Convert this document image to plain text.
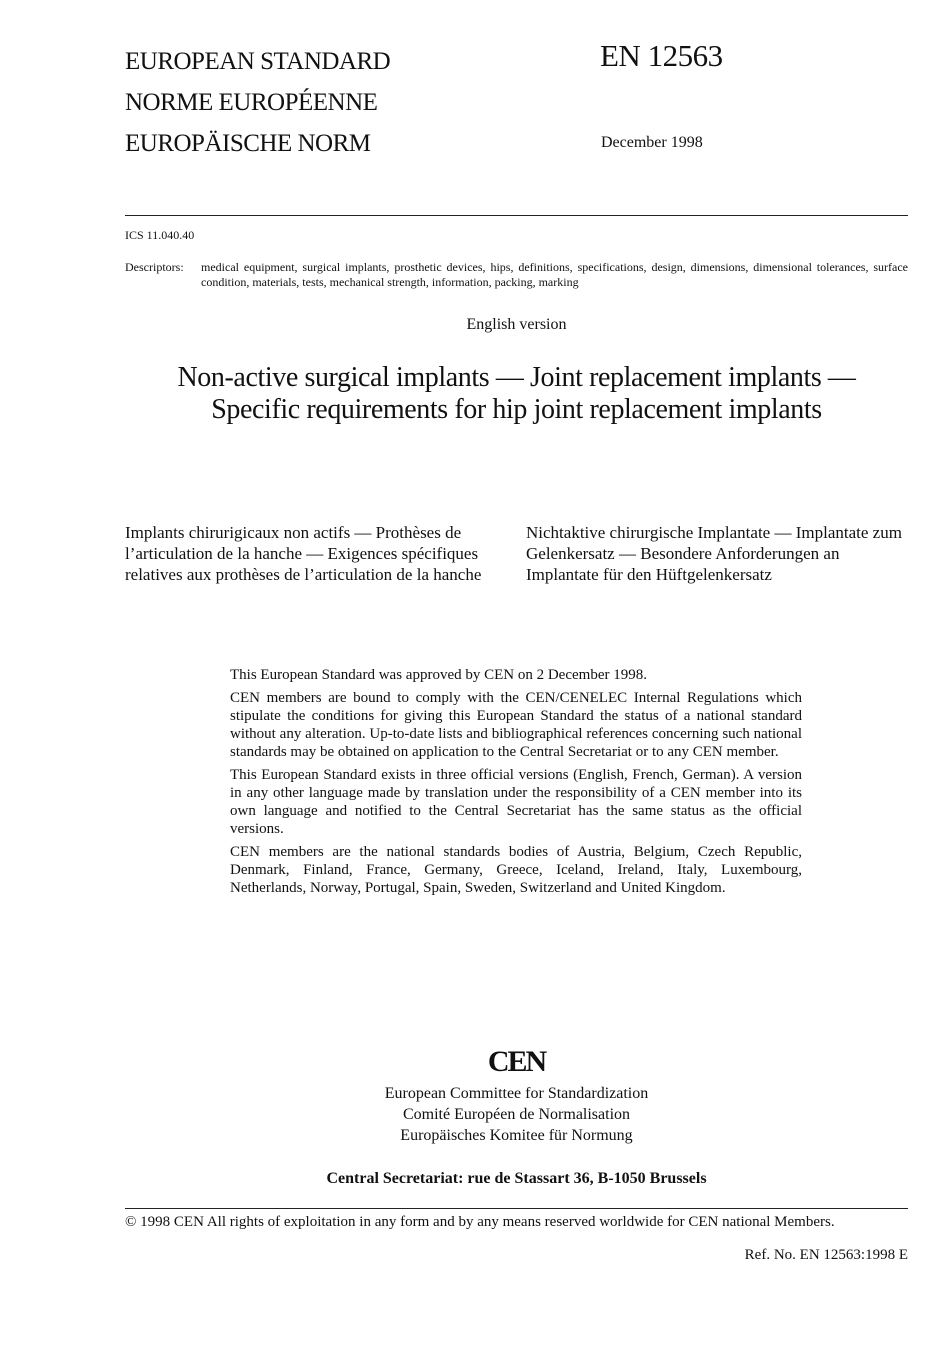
EUROPEAN STANDARD
NORME EUROPÉENNE
EUROPÄISCHE NORM
EN 12563
December 1998
ICS 11.040.40
Descriptors: medical equipment, surgical implants, prosthetic devices, hips, definitions, specifications, design, dimensions, dimensional tolerances, surface condition, materials, tests, mechanical strength, information, packing, marking
English version
Non-active surgical implants — Joint replacement implants —
Specific requirements for hip joint replacement implants
Implants chirurigicaux non actifs — Prothèses de l’articulation de la hanche — Exigences spécifiques relatives aux prothèses de l’articulation de la hanche
Nichtaktive chirurgische Implantate — Implantate zum Gelenkersatz — Besondere Anforderungen an Implantate für den Hüftgelenkersatz

This European Standard was approved by CEN on 2 December 1998.

CEN members are bound to comply with the CEN/CENELEC Internal Regulations which stipulate the conditions for giving this European Standard the status of a national standard without any alteration. Up-to-date lists and bibliographical references concerning such national standards may be obtained on application to the Central Secretariat or to any CEN member.

This European Standard exists in three official versions (English, French, German). A version in any other language made by translation under the responsibility of a CEN member into its own language and notified to the Central Secretariat has the same status as the official versions.

CEN members are the national standards bodies of Austria, Belgium, Czech Republic, Denmark, Finland, France, Germany, Greece, Iceland, Ireland, Italy, Luxembourg, Netherlands, Norway, Portugal, Spain, Sweden, Switzerland and United Kingdom.

CEN
European Committee for Standardization
Comité Européen de Normalisation
Europäisches Komitee für Normung
Central Secretariat: rue de Stassart 36, B-1050 Brussels
© 1998 CEN All rights of exploitation in any form and by any means reserved worldwide for CEN national Members.
Ref. No. EN 12563:1998 E
